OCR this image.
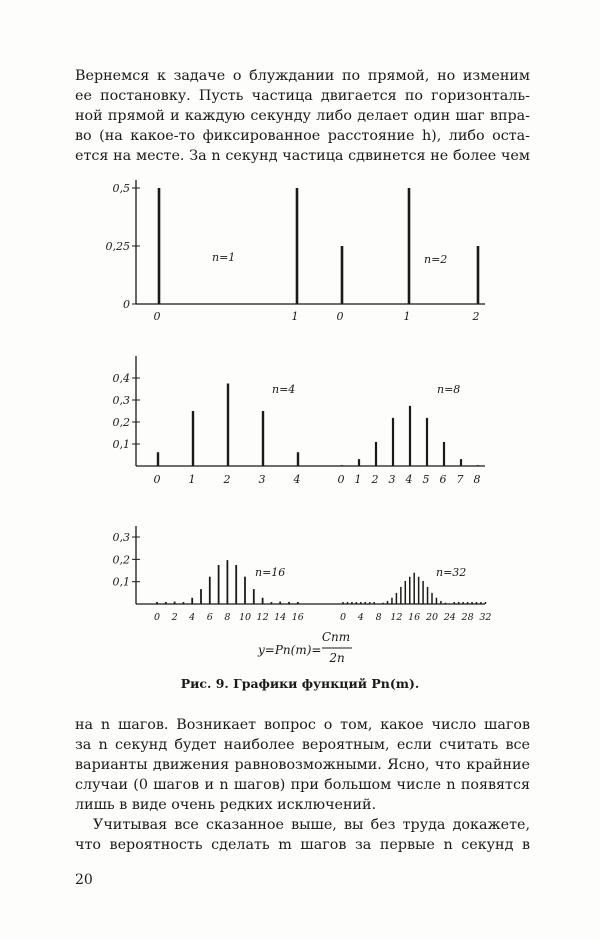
Вернемся к задаче о блуждании по прямой, но изменим
ее постановку. Пусть частица двигается по горизонталь-
ной прямой и каждую секунду либо делает один шаг впра-
во (на какое-то фиксированное расстояние h), либо оста-
ется на месте. За n секунд частица сдвинется не более чем
0
0,25
0,5
0	1
n=1
0	1	2
n=2
0,1
0,2
0,3
0,4
0	1	2	3	4
n=4
0 1 2 3 4 5 6 7 8
n=8
0,1
0,2
0,3
0 2 4 6 8 10 12 14 16
n=16
0 4 8 12 16 20 24 28 32
n=32
y=Pn(m)=
Cnm
2n
Рис. 9. Графики функций Pn(m).
на n шагов. Возникает вопрос о том, какое число шагов
за n секунд будет наиболее вероятным, если считать все
варианты движения равновозможными. Ясно, что крайние
случаи (0 шагов и n шагов) при большом числе n появятся
лишь в виде очень редких исключений.
Учитывая все сказанное выше, вы без труда докажете,
что вероятность сделать m шагов за первые n секунд в
20
